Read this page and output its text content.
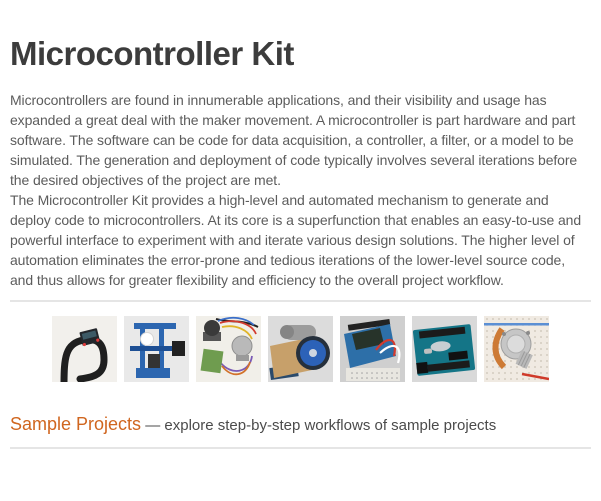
Microcontroller Kit

Microcontrollers are found in innumerable applications, and their visibility and usage has expanded a great deal with the maker movement. A microcontroller is part hardware and part software. The software can be code for data acquisition, a controller, a filter, or a model to be simulated. The generation and deployment of code typically involves several iterations before the desired objectives of the project are met.

The Microcontroller Kit provides a high-level and automated mechanism to generate and deploy code to microcontrollers. At its core is a superfunction that enables an easy-to-use and powerful interface to experiment with and iterate various design solutions. The higher level of automation eliminates the error-prone and tedious iterations of the lower-level source code, and thus allows for greater flexibility and efficiency to the overall project workflow.

Sample Projects — explore step-by-step workflows of sample projects
